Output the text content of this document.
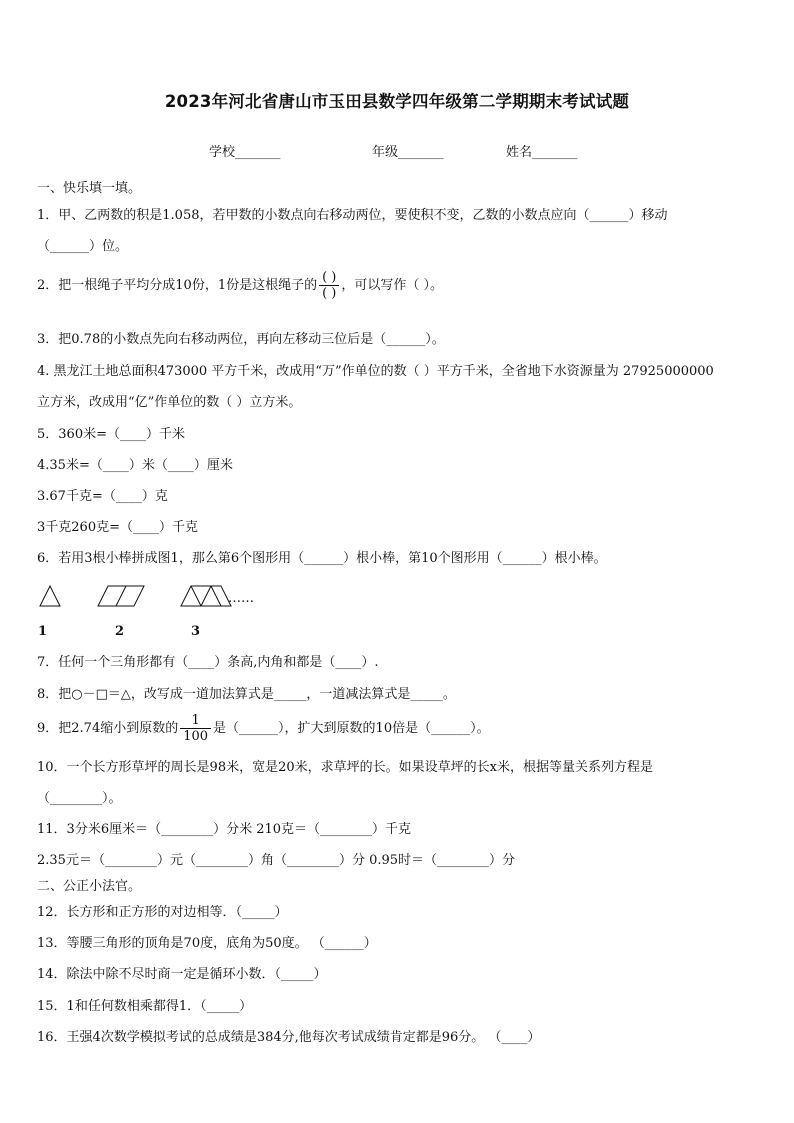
2023年河北省唐山市玉田县数学四年级第二学期期末考试试题
学校_______	年级_______	姓名_______
一、快乐填一填。
1．甲、乙两数的积是1.058，若甲数的小数点向右移动两位，要使积不变，乙数的小数点应向（______）移动
（______）位。
2．把一根绳子平均分成10份，1份是这根绳子的 $\frac{( )}{( )}$ ，可以写作（ ）。
3．把0.78的小数点先向右移动两位，再向左移动三位后是（______）。
4. 黑龙江土地总面积473000 平方千米，改成用“万”作单位的数（ ）平方千米，全省地下水资源量为 27925000000
立方米，改成用“亿”作单位的数（ ）立方米。
5．360米=（____）千米
4.35米=（____）米（____）厘米
3.67千克=（____）克
3千克260克=（____）千克
6．若用3根小棒拼成图1，那么第6个图形用（______）根小棒，第10个图形用（______）根小棒。
……
1	2	3
7．任何一个三角形都有（____）条高,内角和都是（____）.
8．把○－□＝△，改写成一道加法算式是_____，一道减法算式是_____。
9．把2.74缩小到原数的 $\frac{1}{100}$ 是（______），扩大到原数的10倍是（______）。
10．一个长方形草坪的周长是98米，宽是20米，求草坪的长。如果设草坪的长x米，根据等量关系列方程是
（________）。
11．3分米6厘米＝（________）分米 210克＝（________）千克
2.35元＝（________）元（________）角（________）分 0.95时＝（________）分
二、公正小法官。
12．长方形和正方形的对边相等．（_____）
13．等腰三角形的顶角是70度，底角为50度。 （______）
14．除法中除不尽时商一定是循环小数．（_____）
15．1和任何数相乘都得1．（_____）
16．王强4次数学模拟考试的总成绩是384分,他每次考试成绩肯定都是96分。 （____）
